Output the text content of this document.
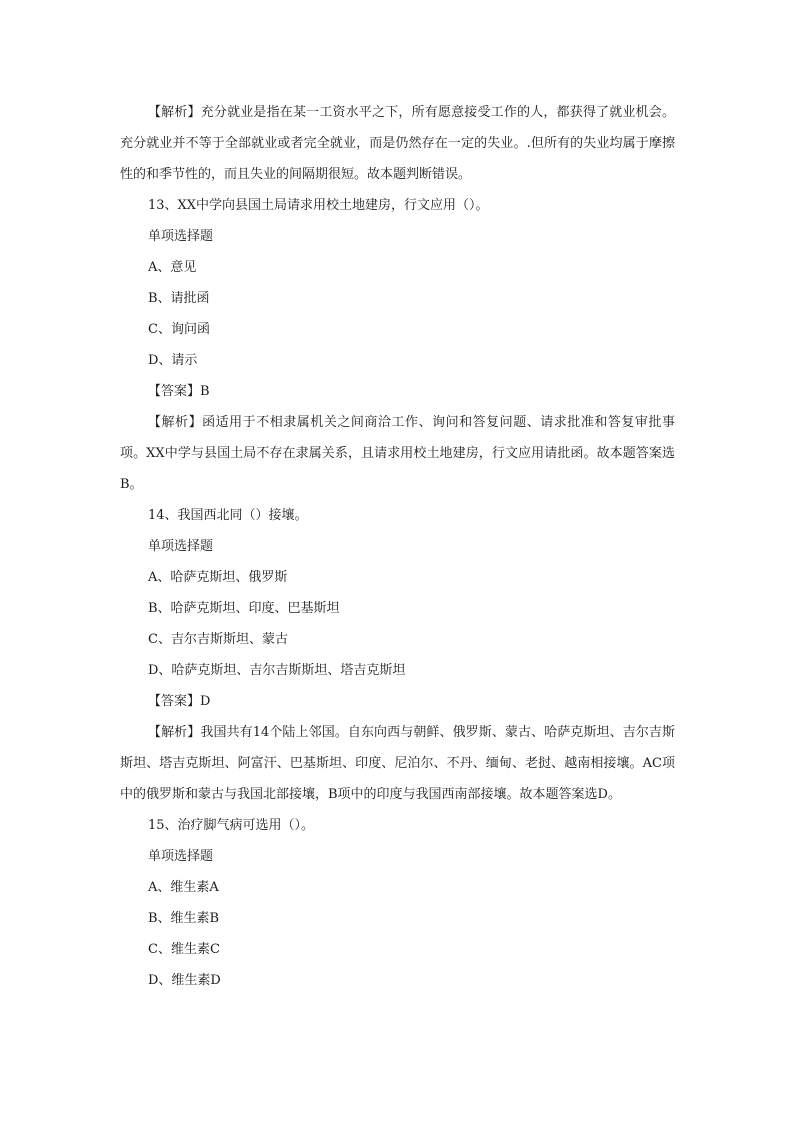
【解析】充分就业是指在某一工资水平之下，所有愿意接受工作的人，都获得了就业机会。充分就业并不等于全部就业或者完全就业，而是仍然存在一定的失业。.但所有的失业均属于摩擦性的和季节性的，而且失业的间隔期很短。故本题判断错误。

13、XX中学向县国土局请求用校土地建房，行文应用（）。

单项选择题

A、意见

B、请批函

C、询问函

D、请示

【答案】B

【解析】函适用于不相隶属机关之间商洽工作、询问和答复问题、请求批准和答复审批事项。XX中学与县国土局不存在隶属关系，且请求用校土地建房，行文应用请批函。故本题答案选B。

14、我国西北同（）接壤。

单项选择题

A、哈萨克斯坦、俄罗斯

B、哈萨克斯坦、印度、巴基斯坦

C、吉尔吉斯斯坦、蒙古

D、哈萨克斯坦、吉尔吉斯斯坦、塔吉克斯坦

【答案】D

【解析】我国共有14个陆上邻国。自东向西与朝鲜、俄罗斯、蒙古、哈萨克斯坦、吉尔吉斯斯坦、塔吉克斯坦、阿富汗、巴基斯坦、印度、尼泊尔、不丹、缅甸、老挝、越南相接壤。AC项中的俄罗斯和蒙古与我国北部接壤，B项中的印度与我国西南部接壤。故本题答案选D。

15、治疗脚气病可选用（）。

单项选择题

A、维生素A

B、维生素B

C、维生素C

D、维生素D
